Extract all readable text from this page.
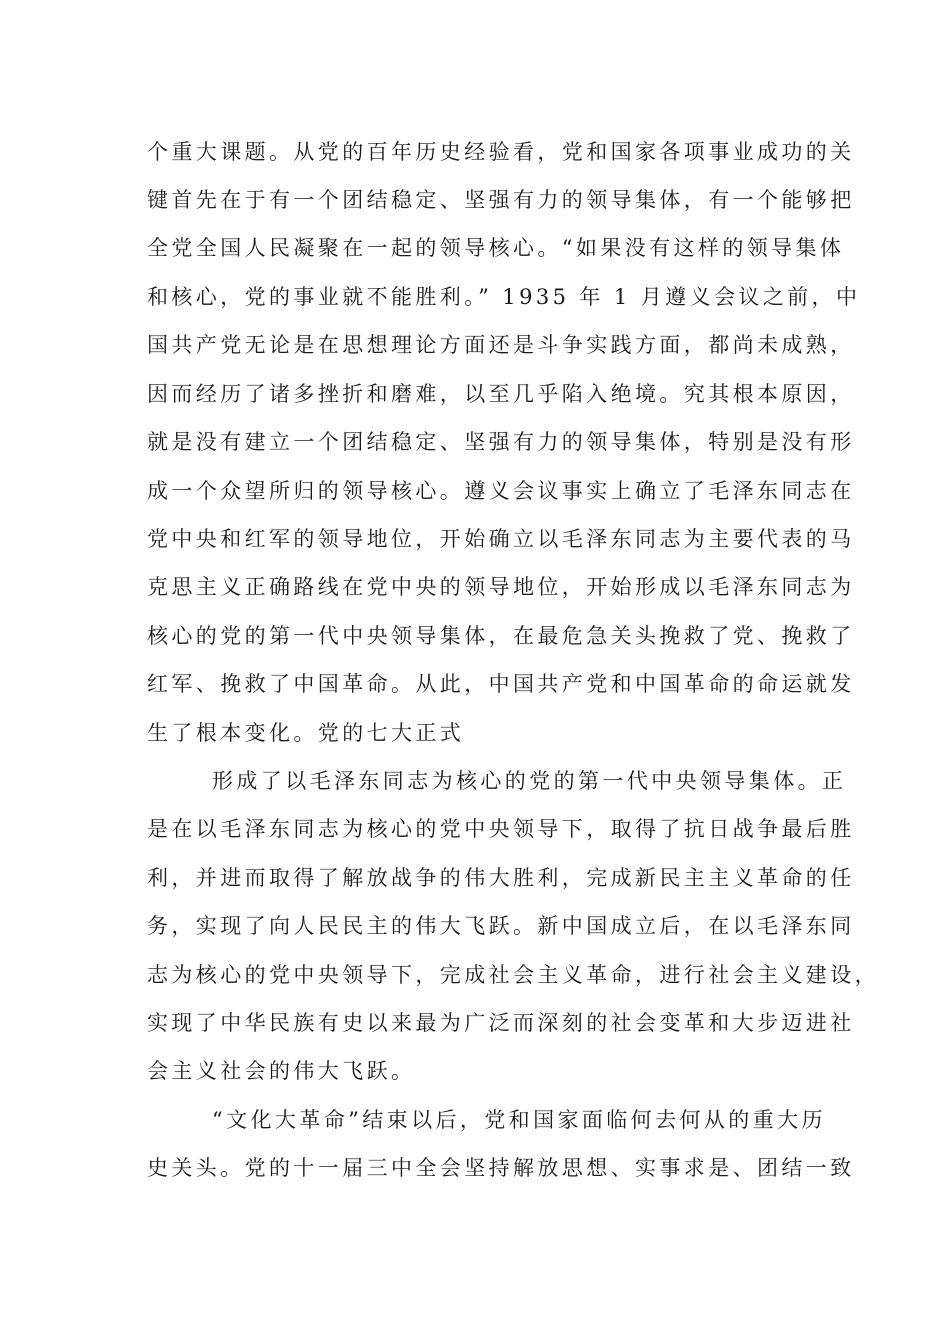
个重大课题。从党的百年历史经验看，党和国家各项事业成功的关
键首先在于有一个团结稳定、坚强有力的领导集体，有一个能够把
全党全国人民凝聚在一起的领导核心。“如果没有这样的领导集体
和核心，党的事业就不能胜利。” 1935 年 1 月遵义会议之前，中
国共产党无论是在思想理论方面还是斗争实践方面，都尚未成熟，
因而经历了诸多挫折和磨难，以至几乎陷入绝境。究其根本原因，
就是没有建立一个团结稳定、坚强有力的领导集体，特别是没有形
成一个众望所归的领导核心。遵义会议事实上确立了毛泽东同志在
党中央和红军的领导地位，开始确立以毛泽东同志为主要代表的马
克思主义正确路线在党中央的领导地位，开始形成以毛泽东同志为
核心的党的第一代中央领导集体，在最危急关头挽救了党、挽救了
红军、挽救了中国革命。从此，中国共产党和中国革命的命运就发
生了根本变化。党的七大正式
形成了以毛泽东同志为核心的党的第一代中央领导集体。正
是在以毛泽东同志为核心的党中央领导下，取得了抗日战争最后胜
利，并进而取得了解放战争的伟大胜利，完成新民主主义革命的任
务，实现了向人民民主的伟大飞跃。新中国成立后，在以毛泽东同
志为核心的党中央领导下，完成社会主义革命，进行社会主义建设，
实现了中华民族有史以来最为广泛而深刻的社会变革和大步迈进社
会主义社会的伟大飞跃。
“文化大革命”结束以后，党和国家面临何去何从的重大历
史关头。党的十一届三中全会坚持解放思想、实事求是、团结一致
